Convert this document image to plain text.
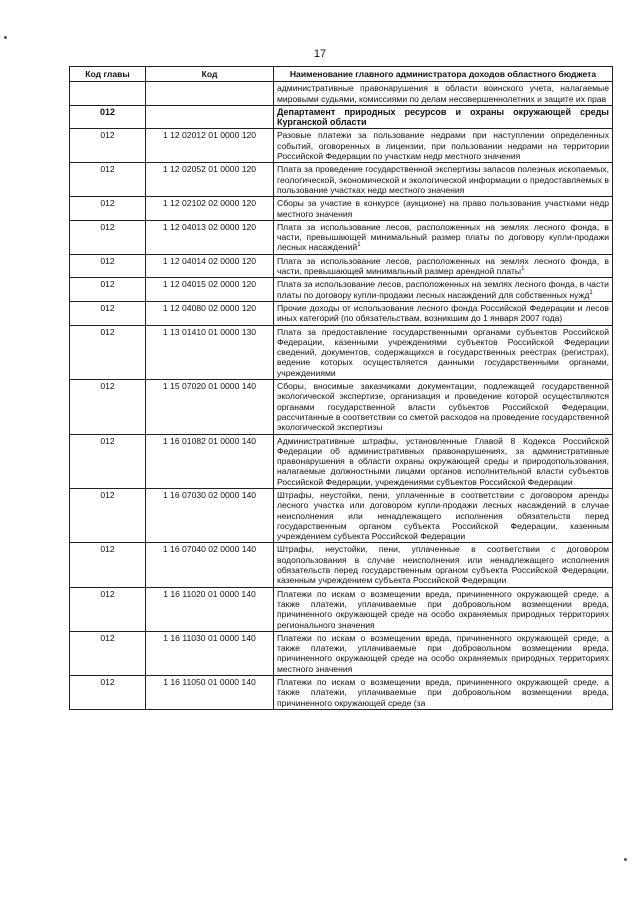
17
Код главы	Код	Наименование главного администратора доходов областного бюджета
		административные правонарушения в области воинского учета, налагаемые мировыми судьями, комиссиями по делам несовершеннолетних и защите их прав
012		Департамент природных ресурсов и охраны окружающей среды Курганской области
012	1 12 02012 01 0000 120	Разовые платежи за пользование недрами при наступлении определенных событий, оговоренных в лицензии, при пользовании недрами на территории Российской Федерации по участкам недр местного значения
012	1 12 02052 01 0000 120	Плата за проведение государственной экспертизы запасов полезных ископаемых, геологической, экономической и экологической информации о предоставляемых в пользование участках недр местного значения
012	1 12 02102 02 0000 120	Сборы за участие в конкурсе (аукционе) на право пользования участками недр местного значения
012	1 12 04013 02 0000 120	Плата за использование лесов, расположенных на землях лесного фонда, в части, превышающей минимальный размер платы по договору купли-продажи лесных насаждений$^1$
012	1 12 04014 02 0000 120	Плата за использование лесов, расположенных на землях лесного фонда, в части, превышающей минимальный размер арендной платы$^1$
012	1 12 04015 02 0000 120	Плата за использование лесов, расположенных на землях лесного фонда, в части платы по договору купли-продажи лесных насаждений для собственных нужд$^1$
012	1 12 04080 02 0000 120	Прочие доходы от использования лесного фонда Российской Федерации и лесов иных категорий (по обязательствам, возникшим до 1 января 2007 года)
012	1 13 01410 01 0000 130	Плата за предоставление государственными органами субъектов Российской Федерации, казенными учреждениями субъектов Российской Федерации сведений, документов, содержащихся в государственных реестрах (регистрах), ведение которых осуществляется данными государственными органами, учреждениями
012	1 15 07020 01 0000 140	Сборы, вносимые заказчиками документации, подлежащей государственной экологической экспертизе, организация и проведение которой осуществляются органами государственной власти субъектов Российской Федерации, рассчитанные в соответствии со сметой расходов на проведение государственной экологической экспертизы
012	1 16 01082 01 0000 140	Административные штрафы, установленные Главой 8 Кодекса Российской Федерации об административных правонарушениях, за административные правонарушения в области охраны окружающей среды и природопользования, налагаемые должностными лицами органов исполнительной власти субъектов Российской Федерации, учреждениями субъектов Российской Федерации
012	1 16 07030 02 0000 140	Штрафы, неустойки, пени, уплаченные в соответствии с договором аренды лесного участка или договором купли-продажи лесных насаждений в случае неисполнения или ненадлежащего исполнения обязательств перед государственным органом субъекта Российской Федерации, казенным учреждением субъекта Российской Федерации
012	1 16 07040 02 0000 140	Штрафы, неустойки, пени, уплаченные в соответствии с договором водопользования в случае неисполнения или ненадлежащего исполнения обязательств перед государственным органом субъекта Российской Федерации, казенным учреждением субъекта Российской Федерации
012	1 16 11020 01 0000 140	Платежи по искам о возмещении вреда, причиненного окружающей среде, а также платежи, уплачиваемые при добровольном возмещении вреда, причиненного окружающей среде на особо охраняемых природных территориях регионального значения
012	1 16 11030 01 0000 140	Платежи по искам о возмещении вреда, причиненного окружающей среде, а также платежи, уплачиваемые при добровольном возмещении вреда, причиненного окружающей среде на особо охраняемых природных территориях местного значения
012	1 16 11050 01 0000 140	Платежи по искам о возмещении вреда, причиненного окружающей среде, а также платежи, уплачиваемые при добровольном возмещении вреда, причиненного окружающей среде (за
